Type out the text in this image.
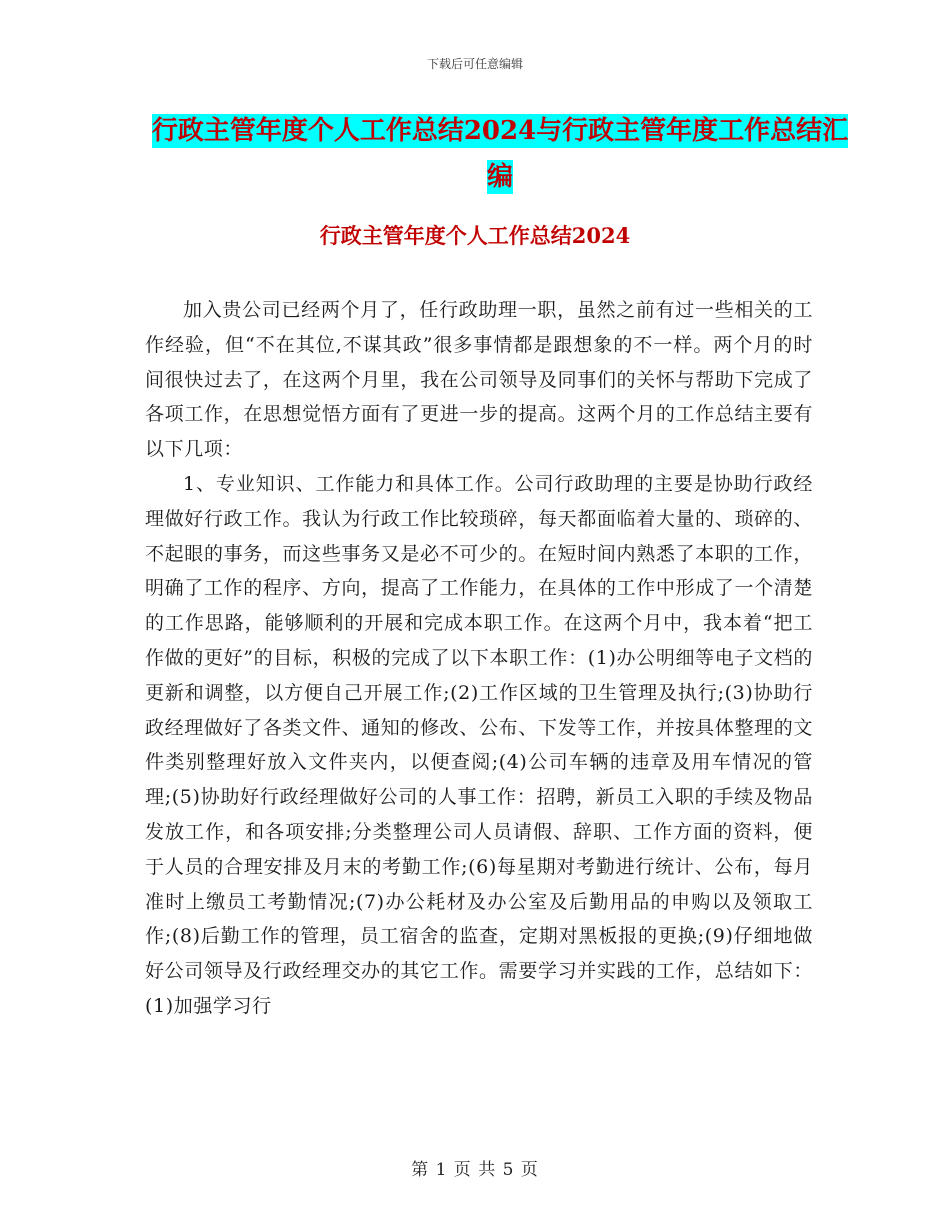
下载后可任意编辑
行政主管年度个人工作总结2024与行政主管年度工作总结汇编
行政主管年度个人工作总结2024

加入贵公司已经两个月了，任行政助理一职，虽然之前有过一些相关的工作经验，但“不在其位,不谋其政”很多事情都是跟想象的不一样。两个月的时间很快过去了，在这两个月里，我在公司领导及同事们的关怀与帮助下完成了各项工作，在思想觉悟方面有了更进一步的提高。这两个月的工作总结主要有以下几项：

1、专业知识、工作能力和具体工作。公司行政助理的主要是协助行政经理做好行政工作。我认为行政工作比较琐碎，每天都面临着大量的、琐碎的、不起眼的事务，而这些事务又是必不可少的。在短时间内熟悉了本职的工作，明确了工作的程序、方向，提高了工作能力，在具体的工作中形成了一个清楚的工作思路，能够顺利的开展和完成本职工作。在这两个月中，我本着“把工作做的更好”的目标，积极的完成了以下本职工作：(1)办公明细等电子文档的更新和调整，以方便自己开展工作;(2)工作区域的卫生管理及执行;(3)协助行政经理做好了各类文件、通知的修改、公布、下发等工作，并按具体整理的文件类别整理好放入文件夹内，以便查阅;(4)公司车辆的违章及用车情况的管理;(5)协助好行政经理做好公司的人事工作：招聘，新员工入职的手续及物品发放工作，和各项安排;分类整理公司人员请假、辞职、工作方面的资料，便于人员的合理安排及月末的考勤工作;(6)每星期对考勤进行统计、公布，每月准时上缴员工考勤情况;(7)办公耗材及办公室及后勤用品的申购以及领取工作;(8)后勤工作的管理，员工宿舍的监查，定期对黑板报的更换;(9)仔细地做好公司领导及行政经理交办的其它工作。需要学习并实践的工作，总结如下：(1)加强学习行

第 1 页 共 5 页
